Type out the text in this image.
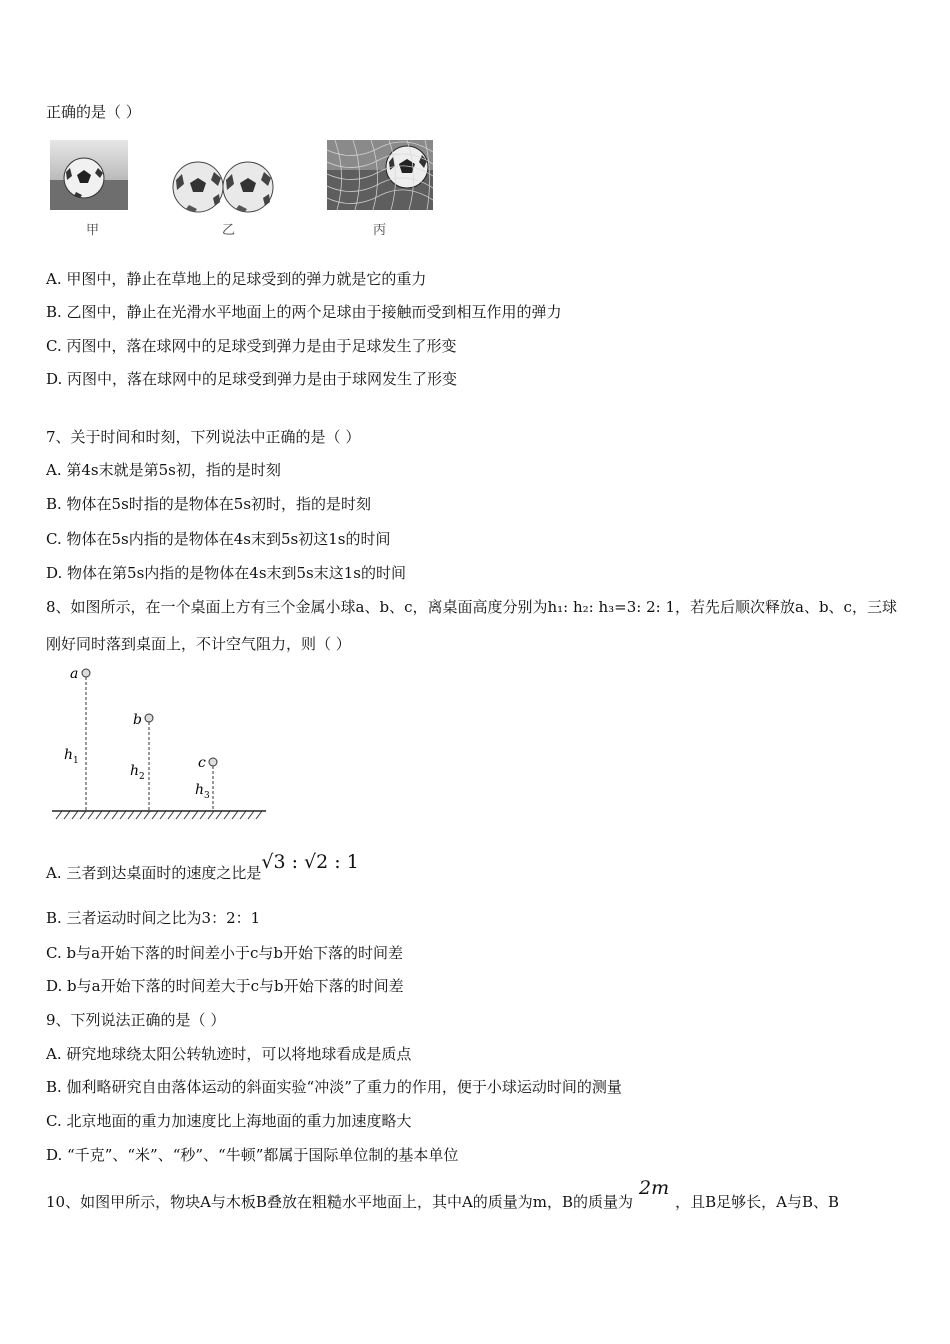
正确的是（ ）
甲	乙	丙
A. 甲图中，静止在草地上的足球受到的弹力就是它的重力
B. 乙图中，静止在光滑水平地面上的两个足球由于接触而受到相互作用的弹力
C. 丙图中，落在球网中的足球受到弹力是由于足球发生了形变
D. 丙图中，落在球网中的足球受到弹力是由于球网发生了形变
7、关于时间和时刻，下列说法中正确的是（ ）
A. 第4s末就是第5s初，指的是时刻
B. 物体在5s时指的是物体在5s初时，指的是时刻
C. 物体在5s内指的是物体在4s末到5s初这1s的时间
D. 物体在第5s内指的是物体在4s末到5s末这1s的时间
8、如图所示，在一个桌面上方有三个金属小球a、b、c，离桌面高度分别为h₁: h₂: h₃=3: 2: 1，若先后顺次释放a、b、c，三球
刚好同时落到桌面上，不计空气阻力，则（ ）
a
b
c
h 1
h 2
h 3
A. 三者到达桌面时的速度之比是√3 : √2 : 1
B. 三者运动时间之比为3：2：1
C. b与a开始下落的时间差小于c与b开始下落的时间差
D. b与a开始下落的时间差大于c与b开始下落的时间差
9、下列说法正确的是（ ）
A. 研究地球绕太阳公转轨迹时，可以将地球看成是质点
B. 伽利略研究自由落体运动的斜面实验“冲淡”了重力的作用，便于小球运动时间的测量
C. 北京地面的重力加速度比上海地面的重力加速度略大
D. “千克”、“米”、“秒”、“牛顿”都属于国际单位制的基本单位
10、如图甲所示，物块A与木板B叠放在粗糙水平地面上，其中A的质量为m，B的质量为2m，且B足够长，A与B、B
